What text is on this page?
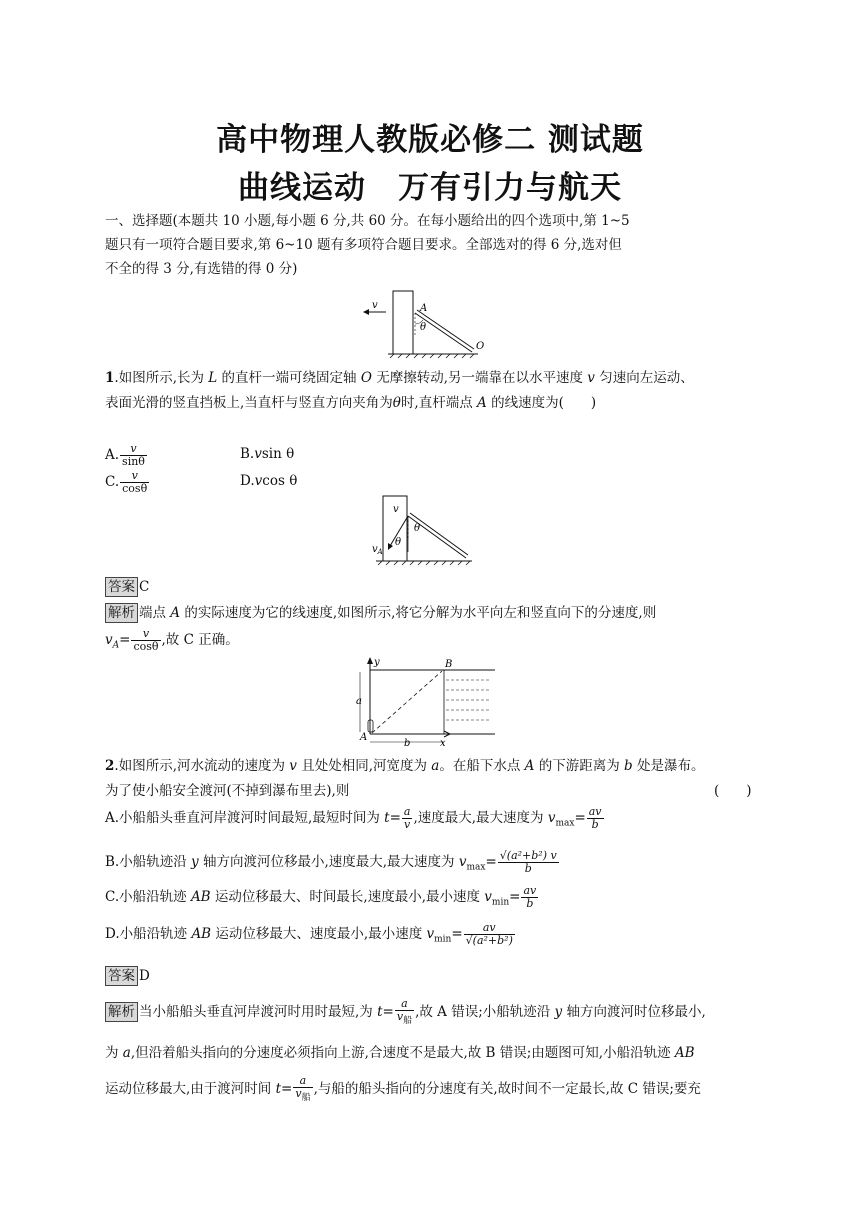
高中物理人教版必修二 测试题
曲线运动　万有引力与航天
一、选择题(本题共 10 小题,每小题 6 分,共 60 分。在每小题给出的四个选项中,第 1~5
题只有一项符合题目要求,第 6~10 题有多项符合题目要求。全部选对的得 6 分,选对但
不全的得 3 分,有选错的得 0 分)
v	A
θ
O
1.如图所示,长为 L 的直杆一端可绕固定轴 O 无摩擦转动,另一端靠在以水平速度 v 匀速向左运动、
表面光滑的竖直挡板上,当直杆与竖直方向夹角为θ时,直杆端点 A 的线速度为(　　)
A. $\frac{v}{\sin\theta}$	B.vsin θ
C. $\frac{v}{\cos\theta}$	D.vcos θ
v
θ
θ
$v_A$
答案 C
解析 端点 A 的实际速度为它的线速度,如图所示,将它分解为水平向左和竖直向下的分速度,则
$v_A= \frac{v}{\cos\theta}$ ,故 C 正确。
y	B
a
A
b	x
2.如图所示,河水流动的速度为 v 且处处相同,河宽度为 a。在船下水点 A 的下游距离为 b 处是瀑布。
为了使小船安全渡河(不掉到瀑布里去),则	(　　)
A.小船船头垂直河岸渡河时间最短,最短时间为 $t= \frac{a}{v}$ ,速度最大,最大速度为 $v_{max}= \frac{av}{b}$
B.小船轨迹沿 y 轴方向渡河位移最小,速度最大,最大速度为 $v_{max}= \frac{\text{√(a²+b²) v}}{b}$
C.小船沿轨迹 AB 运动位移最大、时间最长,速度最小,最小速度 $v_{min}= \frac{av}{b}$
D.小船沿轨迹 AB 运动位移最大、速度最小,最小速度 $v_{min}= \frac{av}{\text{√(a²+b²)}}$
答案 D
解析 当小船船头垂直河岸渡河时用时最短,为 $t= \frac{a}{v_船}$ ,故 A 错误;小船轨迹沿 y 轴方向渡河时位移最小,
为 a,但沿着船头指向的分速度必须指向上游,合速度不是最大,故 B 错误;由题图可知,小船沿轨迹 AB
运动位移最大,由于渡河时间 $t= \frac{a}{v_船}$ ,与船的船头指向的分速度有关,故时间不一定最长,故 C 错误;要充
